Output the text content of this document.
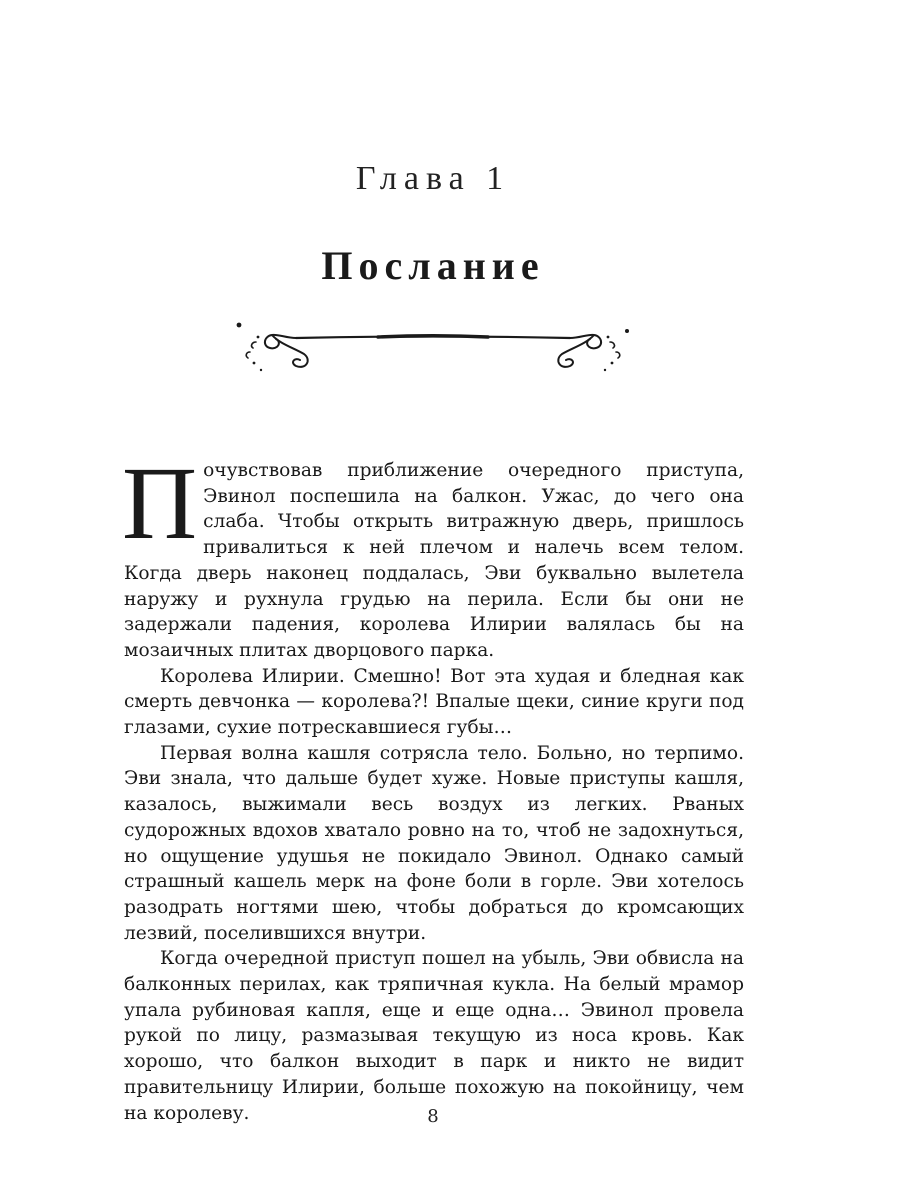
Глава 1
Послание

Почувствовав приближение очередного приступа, Эвинол поспешила на балкон. Ужас, до чего она слаба. Чтобы открыть витражную дверь, пришлось привалиться к ней плечом и налечь всем телом. Когда дверь наконец поддалась, Эви буквально вылетела наружу и рухнула грудью на перила. Если бы они не задержали падения, королева Илирии валялась бы на мозаичных плитах дворцового парка.

Королева Илирии. Смешно! Вот эта худая и бледная как смерть девчонка — королева?! Впалые щеки, синие круги под глазами, сухие потрескавшиеся губы…

Первая волна кашля сотрясла тело. Больно, но терпимо. Эви знала, что дальше будет хуже. Новые приступы кашля, казалось, выжимали весь воздух из легких. Рваных судорожных вдохов хватало ровно на то, чтоб не задохнуться, но ощущение удушья не покидало Эвинол. Однако самый страшный кашель мерк на фоне боли в горле. Эви хотелось разодрать ногтями шею, чтобы добраться до кромсающих лезвий, поселившихся внутри.

Когда очередной приступ пошел на убыль, Эви обвисла на балконных перилах, как тряпичная кукла. На белый мрамор упала рубиновая капля, еще и еще одна… Эвинол провела рукой по лицу, размазывая текущую из носа кровь. Как хорошо, что балкон выходит в парк и никто не видит правительницу Илирии, больше похожую на покойницу, чем на королеву.	8
